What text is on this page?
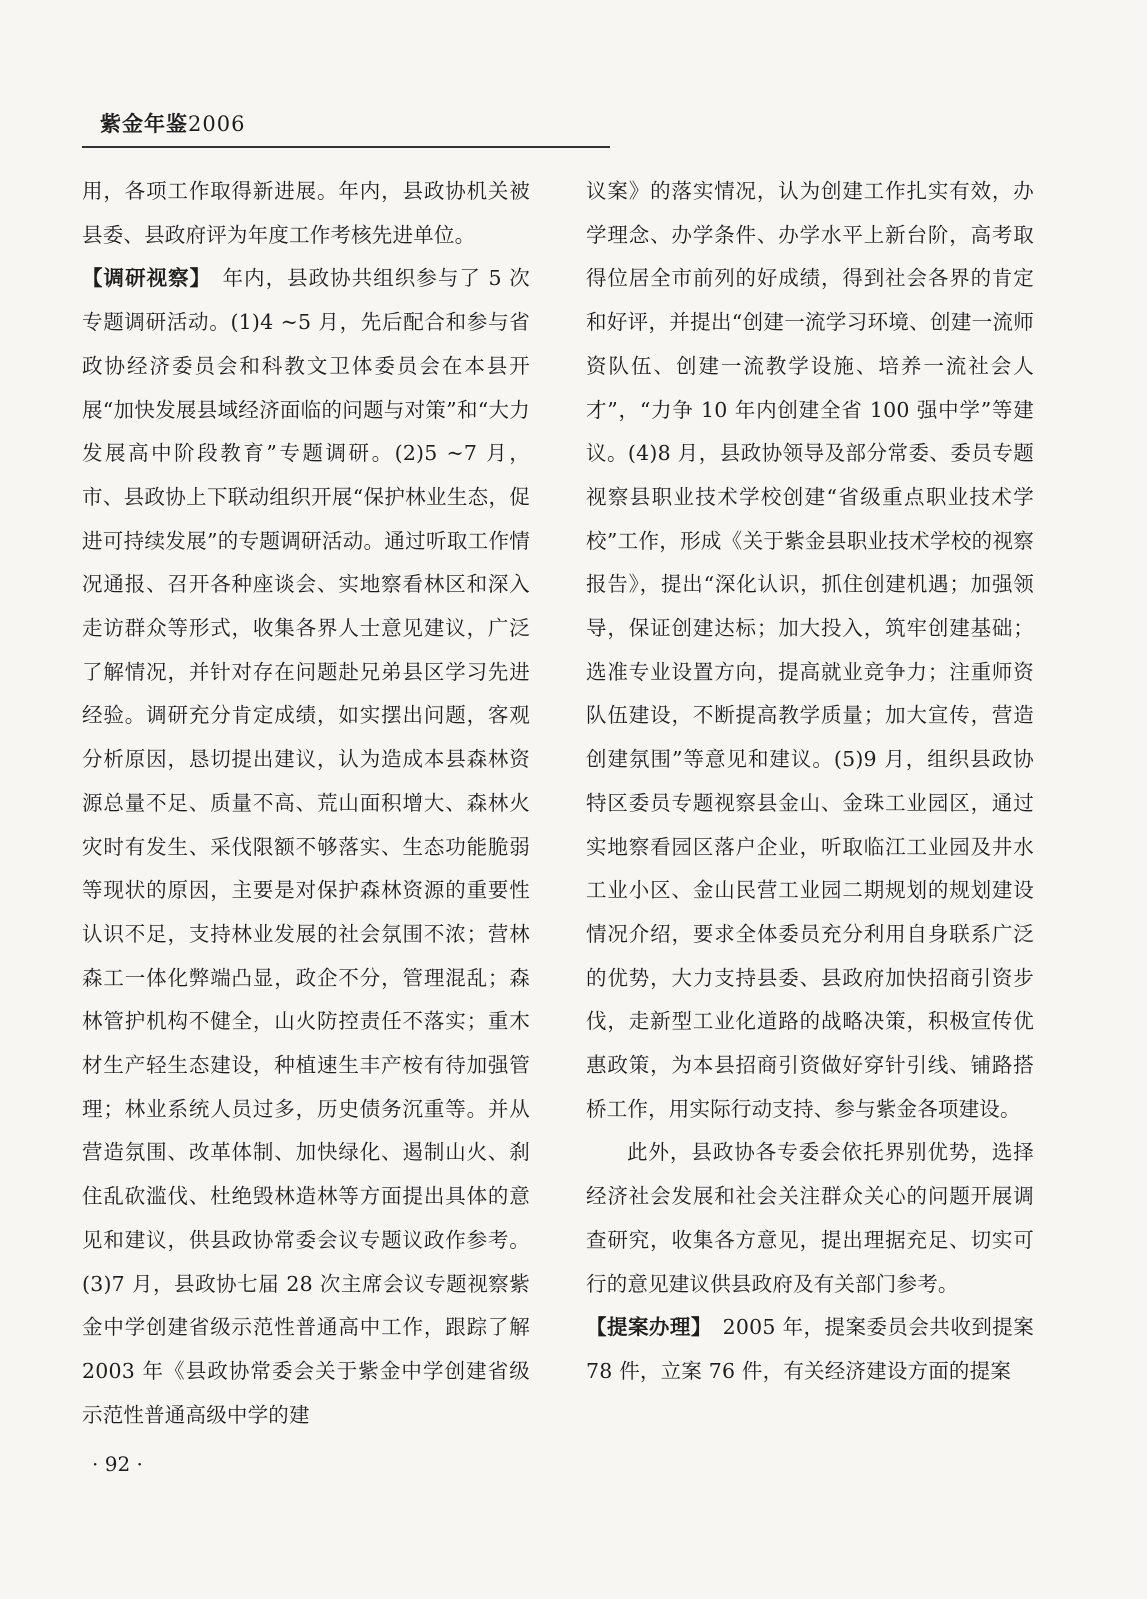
紫金年鉴2006

用，各项工作取得新进展。年内，县政协机关被县委、县政府评为年度工作考核先进单位。

【调研视察】　年内，县政协共组织参与了 5 次专题调研活动。(1)4 ~5 月，先后配合和参与省政协经济委员会和科教文卫体委员会在本县开展“加快发展县域经济面临的问题与对策”和“大力发展高中阶段教育”专题调研。(2)5 ~7 月，市、县政协上下联动组织开展“保护林业生态，促进可持续发展”的专题调研活动。通过听取工作情况通报、召开各种座谈会、实地察看林区和深入走访群众等形式，收集各界人士意见建议，广泛了解情况，并针对存在问题赴兄弟县区学习先进经验。调研充分肯定成绩，如实摆出问题，客观分析原因，恳切提出建议，认为造成本县森林资源总量不足、质量不高、荒山面积增大、森林火灾时有发生、采伐限额不够落实、生态功能脆弱等现状的原因，主要是对保护森林资源的重要性认识不足，支持林业发展的社会氛围不浓；营林森工一体化弊端凸显，政企不分，管理混乱；森林管护机构不健全，山火防控责任不落实；重木材生产轻生态建设，种植速生丰产桉有待加强管理；林业系统人员过多，历史债务沉重等。并从营造氛围、改革体制、加快绿化、遏制山火、刹住乱砍滥伐、杜绝毁林造林等方面提出具体的意见和建议，供县政协常委会议专题议政作参考。(3)7 月，县政协七届 28 次主席会议专题视察紫金中学创建省级示范性普通高中工作，跟踪了解 2003 年《县政协常委会关于紫金中学创建省级示范性普通高级中学的建

议案》的落实情况，认为创建工作扎实有效，办学理念、办学条件、办学水平上新台阶，高考取得位居全市前列的好成绩，得到社会各界的肯定和好评，并提出“创建一流学习环境、创建一流师资队伍、创建一流教学设施、培养一流社会人才”，“力争 10 年内创建全省 100 强中学”等建议。(4)8 月，县政协领导及部分常委、委员专题视察县职业技术学校创建“省级重点职业技术学校”工作，形成《关于紫金县职业技术学校的视察报告》，提出“深化认识，抓住创建机遇；加强领导，保证创建达标；加大投入，筑牢创建基础；选准专业设置方向，提高就业竞争力；注重师资队伍建设，不断提高教学质量；加大宣传，营造创建氛围”等意见和建议。(5)9 月，组织县政协特区委员专题视察县金山、金珠工业园区，通过实地察看园区落户企业，听取临江工业园及井水工业小区、金山民营工业园二期规划的规划建设情况介绍，要求全体委员充分利用自身联系广泛的优势，大力支持县委、县政府加快招商引资步伐，走新型工业化道路的战略决策，积极宣传优惠政策，为本县招商引资做好穿针引线、铺路搭桥工作，用实际行动支持、参与紫金各项建设。

此外，县政协各专委会依托界别优势，选择经济社会发展和社会关注群众关心的问题开展调查研究，收集各方意见，提出理据充足、切实可行的意见建议供县政府及有关部门参考。

【提案办理】　2005 年，提案委员会共收到提案 78 件，立案 76 件，有关经济建设方面的提案

· 92 ·
